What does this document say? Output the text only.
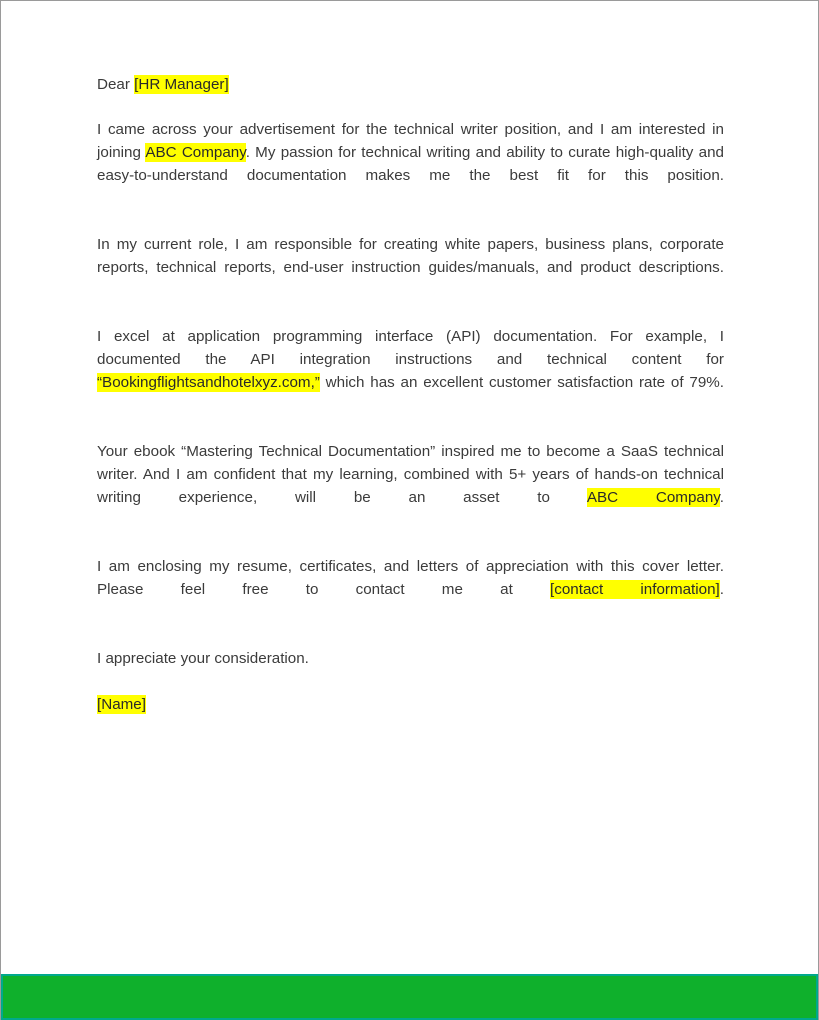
Dear [HR Manager]

I came across your advertisement for the technical writer position, and I am interested in joining ABC Company. My passion for technical writing and ability to curate high-quality and easy-to-understand documentation makes me the best fit for this position.

In my current role, I am responsible for creating white papers, business plans, corporate reports, technical reports, end-user instruction guides/manuals, and product descriptions.

I excel at application programming interface (API) documentation. For example, I documented the API integration instructions and technical content for “Bookingflightsandhotelxyz.com,” which has an excellent customer satisfaction rate of 79%.

Your ebook “Mastering Technical Documentation” inspired me to become a SaaS technical writer. And I am confident that my learning, combined with 5+ years of hands-on technical writing experience, will be an asset to ABC Company.

I am enclosing my resume, certificates, and letters of appreciation with this cover letter. Please feel free to contact me at [contact information].

I appreciate your consideration.

[Name]
